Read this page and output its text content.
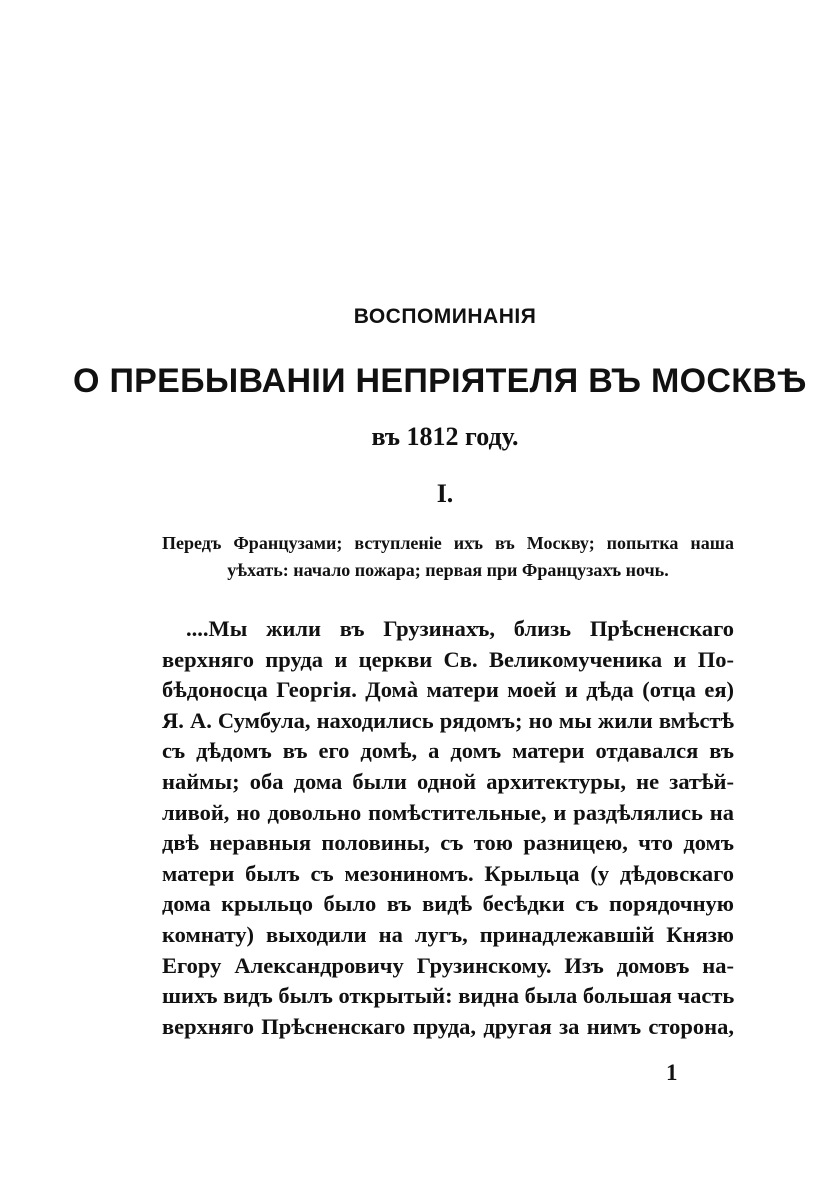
ВОСПОМИНАНIЯ
О ПРЕБЫВАНIИ НЕПРIЯТЕЛЯ ВЪ МОСКВѢ
въ 1812 году.
I.

Передъ Французами; вступленіе ихъ въ Москву; попытка наша
уѣхать: начало пожара; первая при Французахъ ночь.

....Мы жили въ Грузинахъ, близь Прѣсненскаго
верхняго пруда и церкви Св. Великомученика и По-
бѣдоносца Георгія. Домà матери моей и дѣда (отца ея)
Я. А. Сумбула, находились рядомъ; но мы жили вмѣстѣ
съ дѣдомъ въ его домѣ, а домъ матери отдавался въ
наймы; оба дома были одной архитектуры, не затѣй-
ливой, но довольно помѣстительные, и раздѣлялись на
двѣ неравныя половины, съ тою разницею, что домъ
матери былъ съ мезониномъ. Крыльца (у дѣдовскаго
дома крыльцо было въ видѣ бесѣдки съ порядочную
комнату) выходили на лугъ, принадлежавшій Князю
Егору Александровичу Грузинскому. Изъ домовъ на-
шихъ видъ былъ открытый: видна была большая часть
верхняго Прѣсненскаго пруда, другая за нимъ сторона,

1
